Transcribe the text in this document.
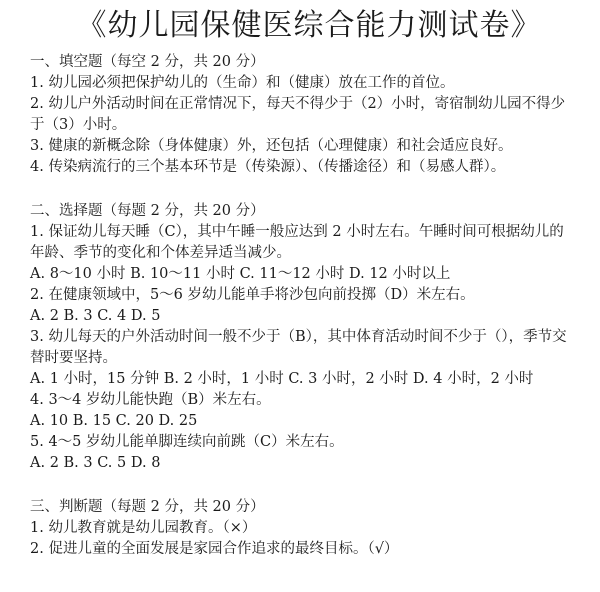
《幼儿园保健医综合能力测试卷》
一、填空题（每空 2 分，共 20 分）
1. 幼儿园必须把保护幼儿的（生命）和（健康）放在工作的首位。
2. 幼儿户外活动时间在正常情况下，每天不得少于（2）小时，寄宿制幼儿园不得少
于（3）小时。
3. 健康的新概念除（身体健康）外，还包括（心理健康）和社会适应良好。
4. 传染病流行的三个基本环节是（传染源）、（传播途径）和（易感人群）。
二、选择题（每题 2 分，共 20 分）
1. 保证幼儿每天睡（C），其中午睡一般应达到 2 小时左右。午睡时间可根据幼儿的
年龄、季节的变化和个体差异适当减少。
A. 8～10 小时 B. 10～11 小时 C. 11～12 小时 D. 12 小时以上
2. 在健康领域中，5～6 岁幼儿能单手将沙包向前投掷（D）米左右。
A. 2 B. 3 C. 4 D. 5
3. 幼儿每天的户外活动时间一般不少于（B），其中体育活动时间不少于（），季节交
替时要坚持。
A. 1 小时，15 分钟 B. 2 小时，1 小时 C. 3 小时，2 小时 D. 4 小时，2 小时
4. 3～4 岁幼儿能快跑（B）米左右。
A. 10 B. 15 C. 20 D. 25
5. 4～5 岁幼儿能单脚连续向前跳（C）米左右。
A. 2 B. 3 C. 5 D. 8
三、判断题（每题 2 分，共 20 分）
1. 幼儿教育就是幼儿园教育。（×）
2. 促进儿童的全面发展是家园合作追求的最终目标。（√）
